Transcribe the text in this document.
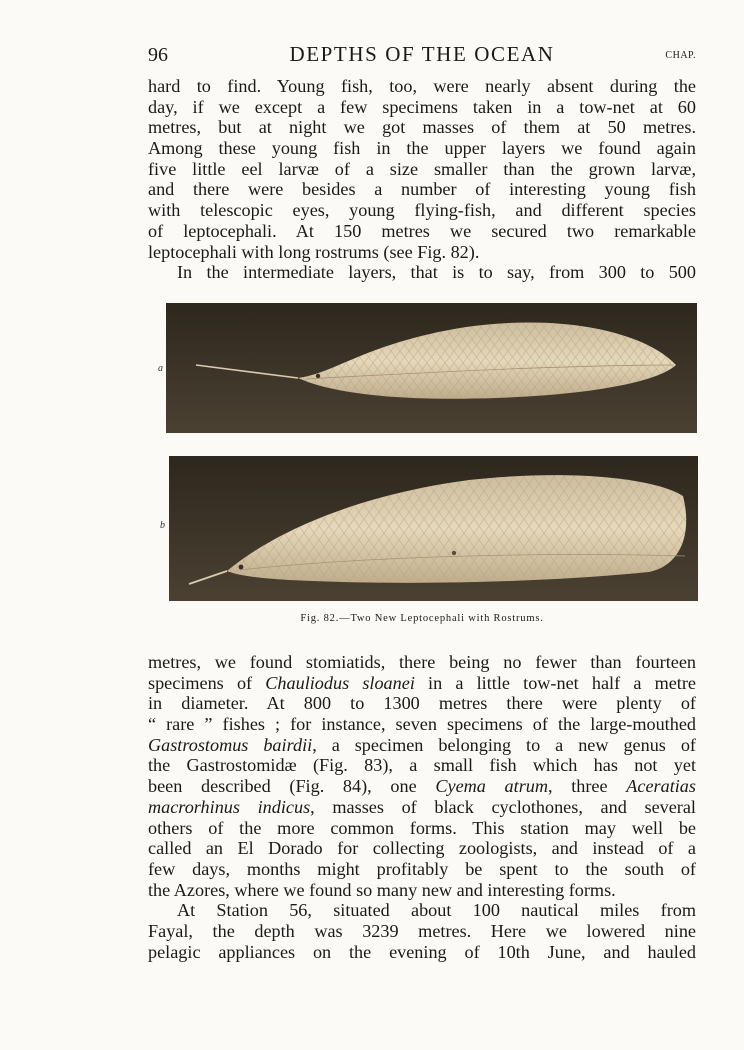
96	DEPTHS OF THE OCEAN	CHAP.
hard to find. Young fish, too, were nearly absent during the
day, if we except a few specimens taken in a tow-net at 60
metres, but at night we got masses of them at 50 metres.
Among these young fish in the upper layers we found again
five little eel larvæ of a size smaller than the grown larvæ,
and there were besides a number of interesting young fish
with telescopic eyes, young flying-fish, and different species
of leptocephali. At 150 metres we secured two remarkable
leptocephali with long rostrums (see Fig. 82).
In the intermediate layers, that is to say, from 300 to 500
a
b
Fig. 82.—Two New Leptocephali with Rostrums.
metres, we found stomiatids, there being no fewer than fourteen
specimens of Chauliodus sloanei in a little tow-net half a metre
in diameter. At 800 to 1300 metres there were plenty of
“ rare ” fishes ; for instance, seven specimens of the large-mouthed
Gastrostomus bairdii, a specimen belonging to a new genus of
the Gastrostomidæ (Fig. 83), a small fish which has not yet
been described (Fig. 84), one Cyema atrum, three Aceratias
macrorhinus indicus, masses of black cyclothones, and several
others of the more common forms. This station may well be
called an El Dorado for collecting zoologists, and instead of a
few days, months might profitably be spent to the south of
the Azores, where we found so many new and interesting forms.
At Station 56, situated about 100 nautical miles from
Fayal, the depth was 3239 metres. Here we lowered nine
pelagic appliances on the evening of 10th June, and hauled
